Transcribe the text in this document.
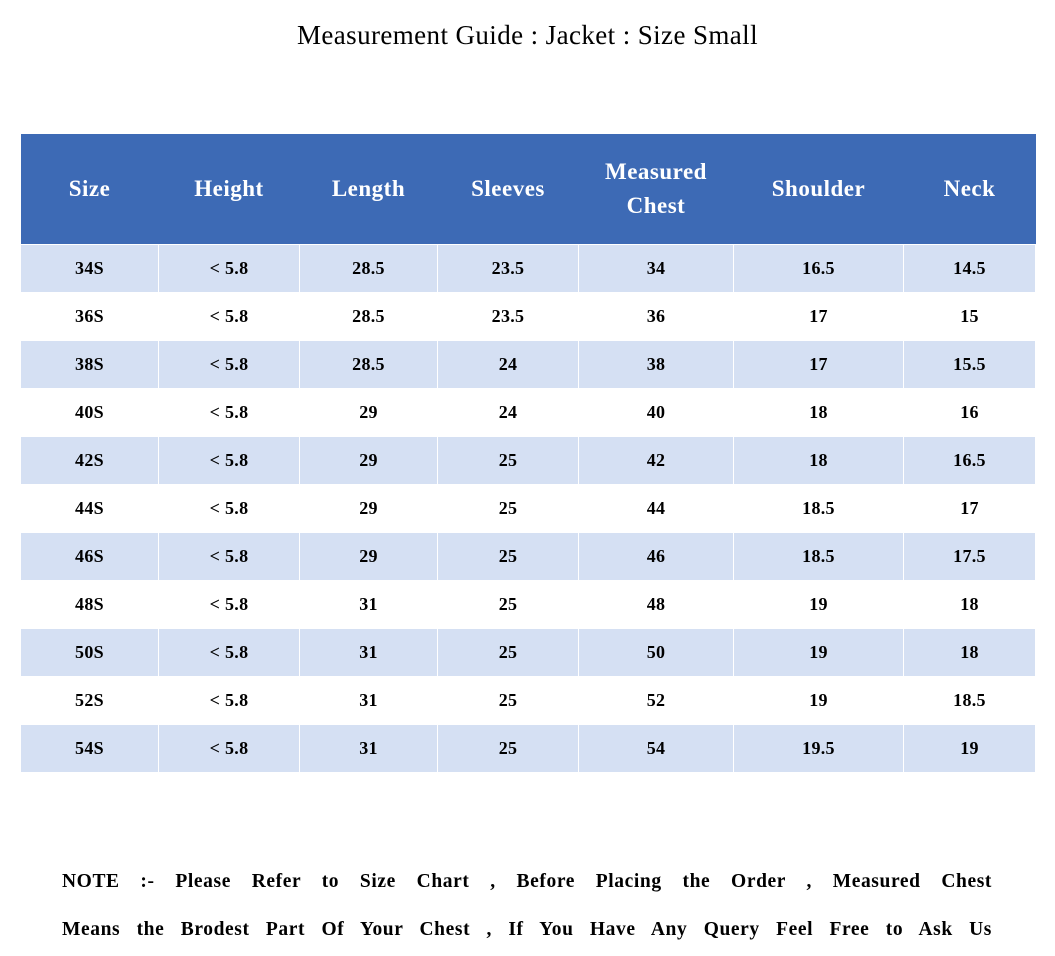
Measurement Guide : Jacket : Size Small
Size	Height	Length	Sleeves	Measured Chest	Shoulder	Neck
34S	< 5.8	28.5	23.5	34	16.5	14.5
36S	< 5.8	28.5	23.5	36	17	15
38S	< 5.8	28.5	24	38	17	15.5
40S	< 5.8	29	24	40	18	16
42S	< 5.8	29	25	42	18	16.5
44S	< 5.8	29	25	44	18.5	17
46S	< 5.8	29	25	46	18.5	17.5
48S	< 5.8	31	25	48	19	18
50S	< 5.8	31	25	50	19	18
52S	< 5.8	31	25	52	19	18.5
54S	< 5.8	31	25	54	19.5	19
NOTE :- Please Refer to Size Chart , Before Placing the Order , Measured Chest
Means the Brodest Part Of Your Chest , If You Have Any Query Feel Free to Ask Us
